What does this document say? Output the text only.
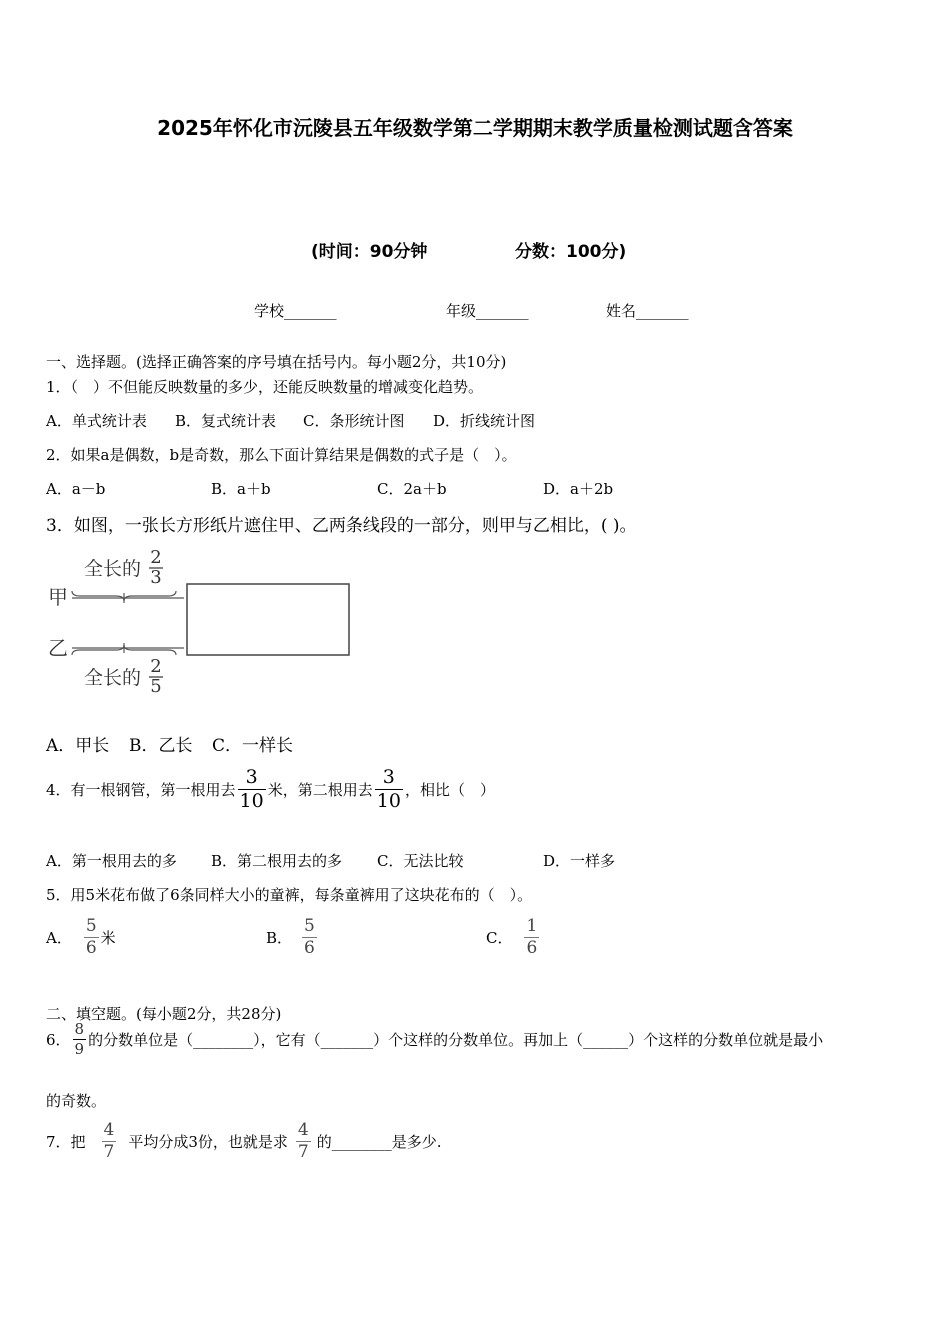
2025年怀化市沅陵县五年级数学第二学期期末教学质量检测试题含答案
(时间：90分钟	分数：100分)
学校_______	年级_______	姓名_______
一、选择题。(选择正确答案的序号填在括号内。每小题2分，共10分)
1．（　）不但能反映数量的多少，还能反映数量的增减变化趋势。
A．单式统计表 B．复式统计表 C．条形统计图 D．折线统计图
2．如果a是偶数，b是奇数，那么下面计算结果是偶数的式子是（　）。
A．a－b	B．a＋b	C．2a＋b	D．a＋2b
3．如图，一张长方形纸片遮住甲、乙两条线段的一部分，则甲与乙相比，( )。
甲
乙
全长的
2
3
全长的
2
5
A．甲长 B．乙长 C．一样长
4．有一根钢管，第一根用去 $\frac{3}{10}$ 米，第二根用去 $\frac{3}{10}$ ，相比（　）
A．第一根用去的多 B．第二根用去的多 C．无法比较	D．一样多
5．用5米花布做了6条同样大小的童裤，每条童裤用了这块花布的（　）。
A． $\frac{5}{6}$ 米	B． $\frac{5}{6}$	C． $\frac{1}{6}$
二、填空题。(每小题2分，共28分)
6． $\frac{8}{9}$ 的分数单位是（________），它有（_______）个这样的分数单位。再加上（______）个这样的分数单位就是最小
的奇数。
7．把 $\frac{4}{7}$ 平均分成3份，也就是求 $\frac{4}{7}$ 的________是多少.
